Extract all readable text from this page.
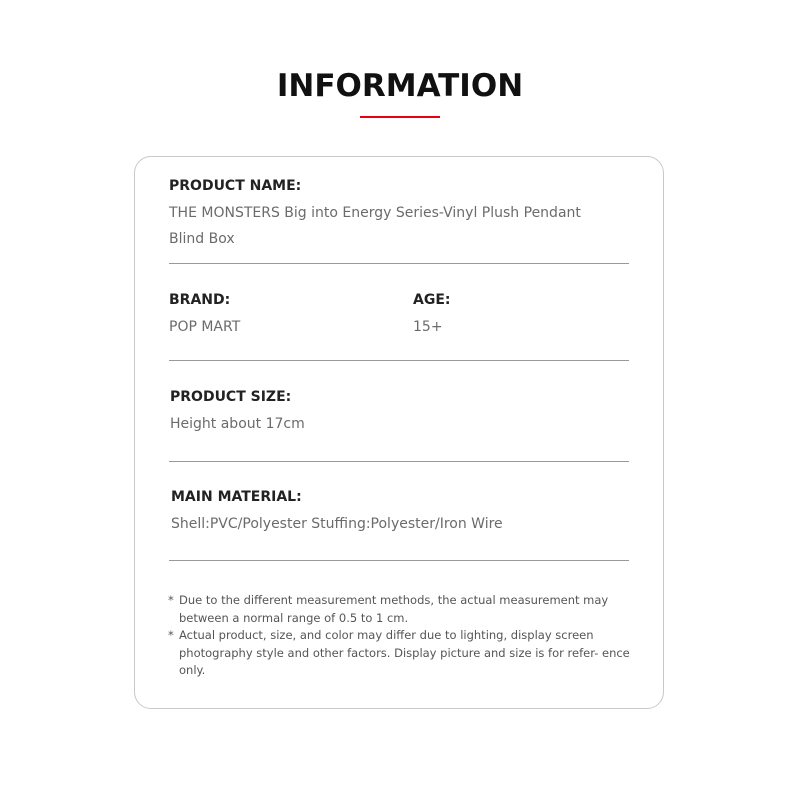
INFORMATION

PRODUCT NAME:

THE MONSTERS Big into Energy Series-Vinyl Plush Pendant

Blind Box

BRAND:

POP MART

AGE:

15+

PRODUCT SIZE:

Height about 17cm

MAIN MATERIAL:

Shell:PVC/Polyester Stuffing:Polyester/Iron Wire

* Due to the different measurement methods, the actual measurement may between a normal range of 0.5 to 1 cm.

* Actual product, size, and color may differ due to lighting, display screen photography style and other factors. Display picture and size is for refer- ence only.
